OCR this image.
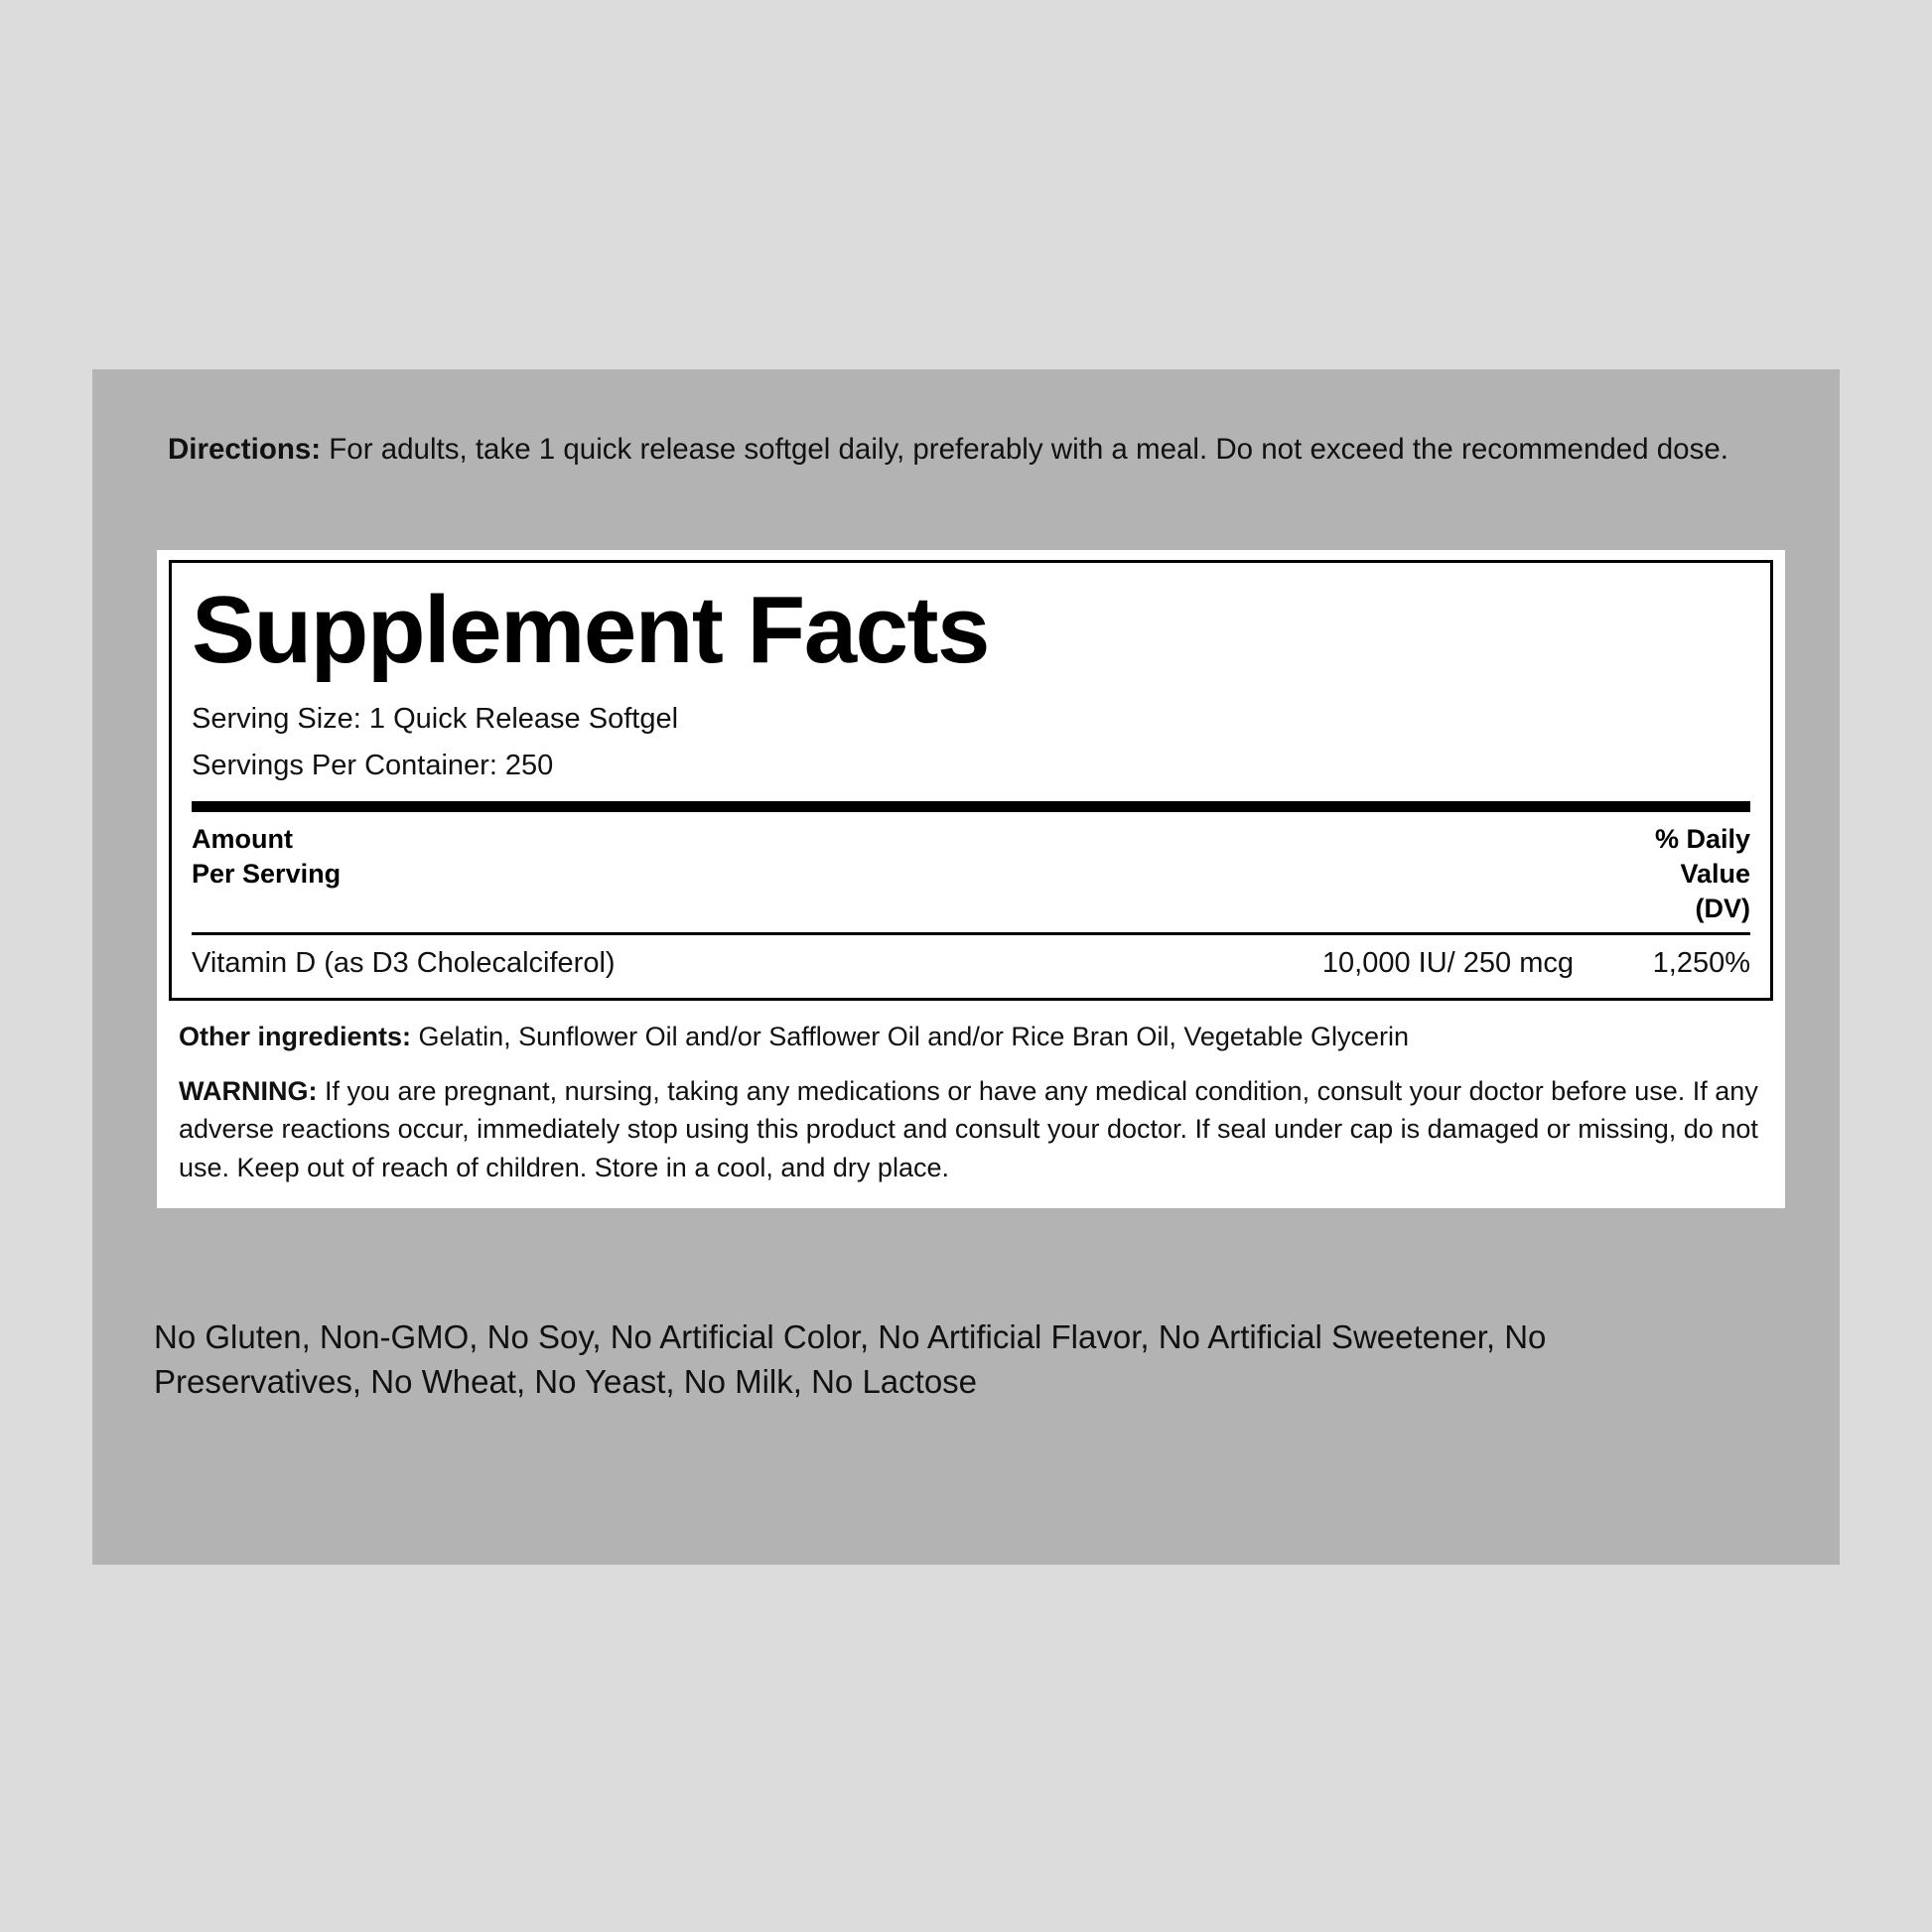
Directions: For adults, take 1 quick release softgel daily, preferably with a meal. Do not exceed the recommended dose.
Supplement Facts
Serving Size: 1 Quick Release Softgel
Servings Per Container: 250
Amount
Per Serving
% Daily
Value
(DV)
Vitamin D (as D3 Cholecalciferol)	10,000 IU/ 250 mcg	1,250%
Other ingredients: Gelatin, Sunflower Oil and/or Safflower Oil and/or Rice Bran Oil, Vegetable Glycerin
WARNING: If you are pregnant, nursing, taking any medications or have any medical condition, consult your doctor before use. If any adverse reactions occur, immediately stop using this product and consult your doctor. If seal under cap is damaged or missing, do not use. Keep out of reach of children. Store in a cool, and dry place.
No Gluten, Non-GMO, No Soy, No Artificial Color, No Artificial Flavor, No Artificial Sweetener, No Preservatives, No Wheat, No Yeast, No Milk, No Lactose
